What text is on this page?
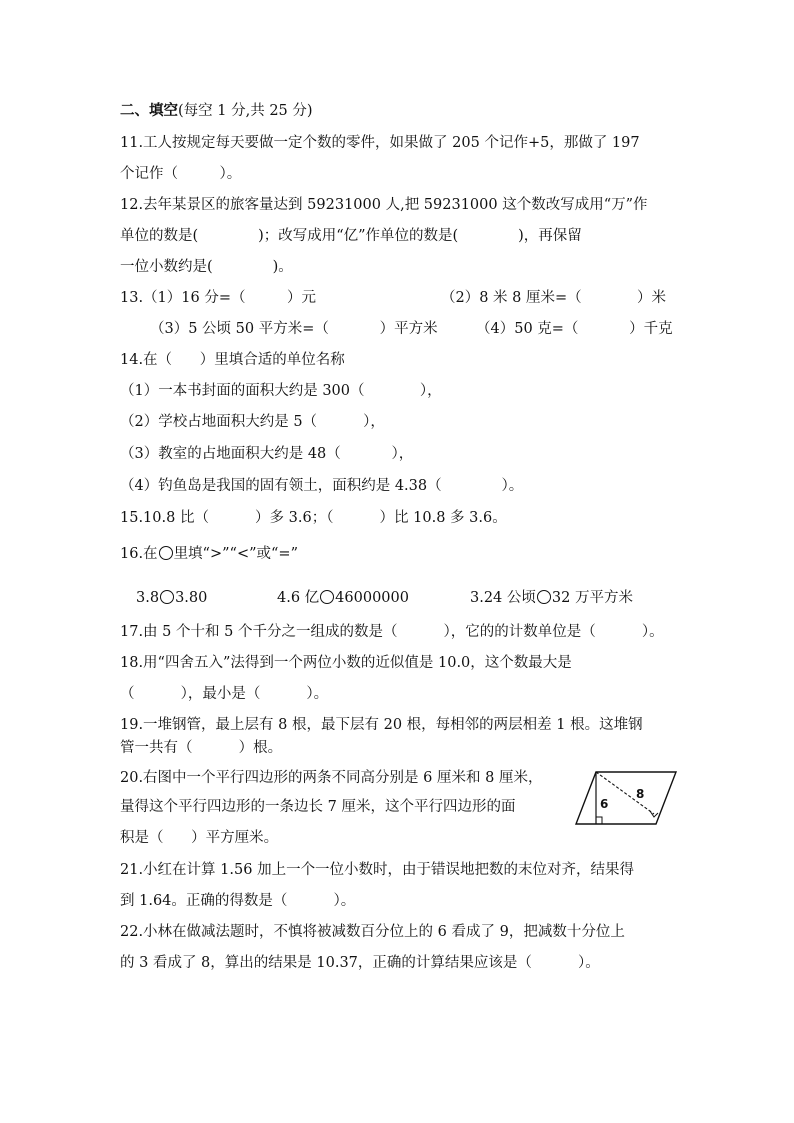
二、填空(每空 1 分,共 25 分)
11.工人按规定每天要做一定个数的零件，如果做了 205 个记作+5，那做了 197
个记作（         ）。
12.去年某景区的旅客量达到 59231000 人,把 59231000 这个数改写成用“万”作
单位的数是(             )；改写成用“亿”作单位的数是(             )，再保留
一位小数约是(             )。
13.（1）16 分=（         ）元	（2）8 米 8 厘米=（            ）米
（3）5 公顷 50 平方米=（           ）平方米	（4）50 克=（           ）千克
14.在（      ）里填合适的单位名称
（1）一本书封面的面积大约是 300（            ），
（2）学校占地面积大约是 5（          ），
（3）教室的占地面积大约是 48（           ），
（4）钓鱼岛是我国的固有领土，面积约是 4.38（             ）。
15.10.8 比（          ）多 3.6；（          ）比 10.8 多 3.6。
16.在 里填“>”“<”或“=”
3.8 3.80	4.6 亿 46000000	3.24 公顷 32 万平方米
17.由 5 个十和 5 个千分之一组成的数是（          ），它的的计数单位是（          ）。
18.用“四舍五入”法得到一个两位小数的近似值是 10.0，这个数最大是
（          ），最小是（          ）。
19.一堆钢管，最上层有 8 根，最下层有 20 根，每相邻的两层相差 1 根。这堆钢
管一共有（          ）根。
20.右图中一个平行四边形的两条不同高分别是 6 厘米和 8 厘米，
量得这个平行四边形的一条边长 7 厘米，这个平行四边形的面
积是（      ）平方厘米。
6
8
21.小红在计算 1.56 加上一个一位小数时，由于错误地把数的末位对齐，结果得
到 1.64。正确的得数是（          ）。
22.小林在做减法题时，不慎将被减数百分位上的 6 看成了 9，把减数十分位上
的 3 看成了 8，算出的结果是 10.37，正确的计算结果应该是（          ）。
